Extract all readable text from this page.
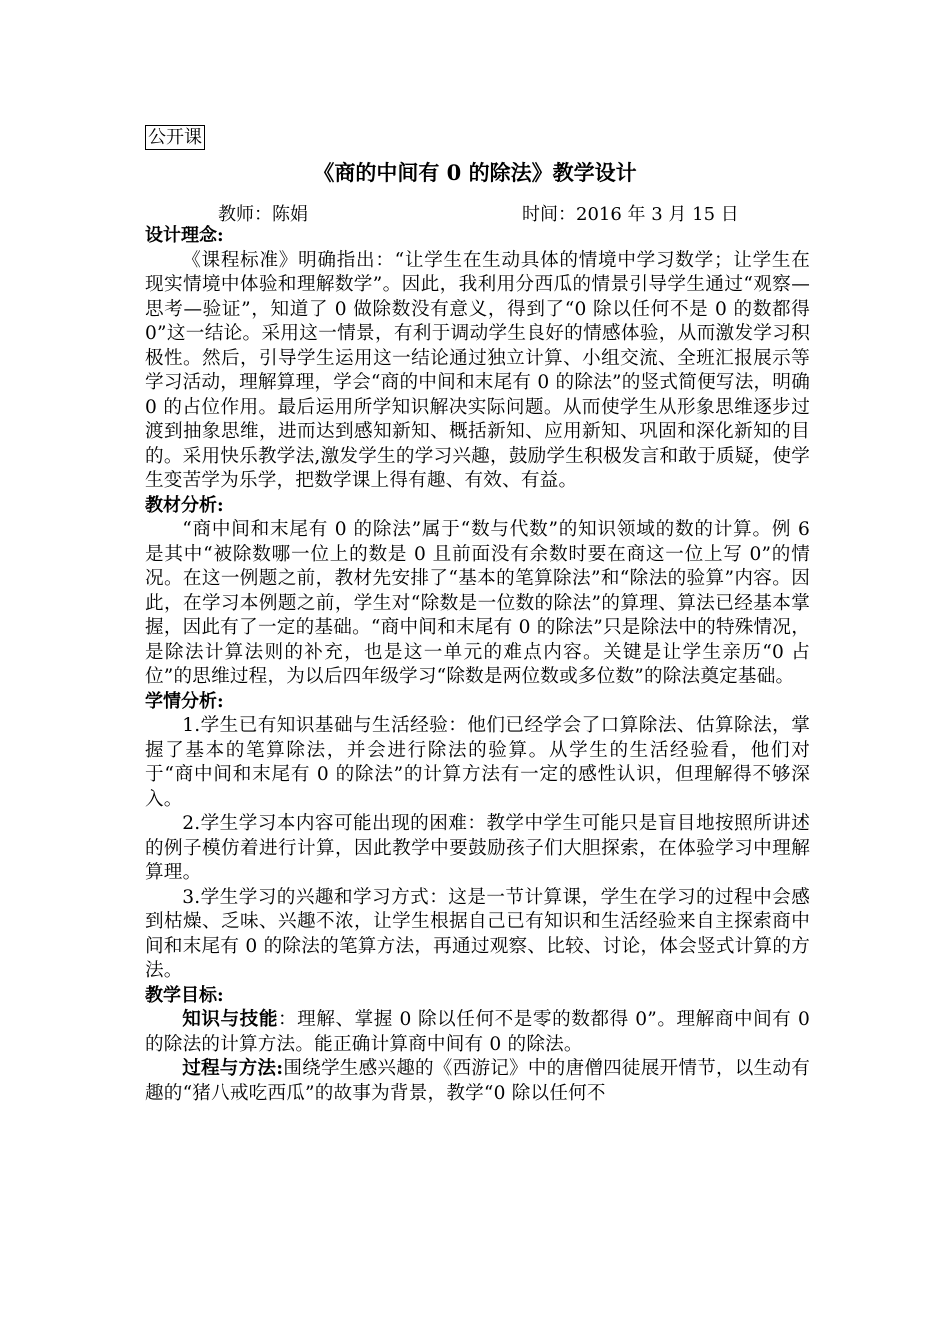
公开课
《商的中间有 0 的除法》教学设计
教师：陈娟	时间：2016 年 3 月 15 日

设计理念:

《课程标准》明确指出：“让学生在生动具体的情境中学习数学；让学生在现实情境中体验和理解数学”。因此，我利用分西瓜的情景引导学生通过“观察—思考—验证”，知道了 0 做除数没有意义，得到了“0 除以任何不是 0 的数都得 0”这一结论。采用这一情景，有利于调动学生良好的情感体验，从而激发学习积极性。然后，引导学生运用这一结论通过独立计算、小组交流、全班汇报展示等学习活动，理解算理，学会“商的中间和末尾有 0 的除法”的竖式简便写法，明确 0 的占位作用。最后运用所学知识解决实际问题。从而使学生从形象思维逐步过渡到抽象思维，进而达到感知新知、概括新知、应用新知、巩固和深化新知的目的。采用快乐教学法,激发学生的学习兴趣，鼓励学生积极发言和敢于质疑，使学生变苦学为乐学，把数学课上得有趣、有效、有益。

教材分析:

“商中间和末尾有 0 的除法”属于“数与代数”的知识领域的数的计算。例 6 是其中“被除数哪一位上的数是 0 且前面没有余数时要在商这一位上写 0”的情况。在这一例题之前，教材先安排了“基本的笔算除法”和“除法的验算”内容。因此，在学习本例题之前，学生对“除数是一位数的除法”的算理、算法已经基本掌握，因此有了一定的基础。“商中间和末尾有 0 的除法”只是除法中的特殊情况，是除法计算法则的补充，也是这一单元的难点内容。关键是让学生亲历“0 占位”的思维过程，为以后四年级学习“除数是两位数或多位数”的除法奠定基础。

学情分析:

1.学生已有知识基础与生活经验：他们已经学会了口算除法、估算除法，掌握了基本的笔算除法，并会进行除法的验算。从学生的生活经验看，他们对于“商中间和末尾有 0 的除法”的计算方法有一定的感性认识，但理解得不够深入。

2.学生学习本内容可能出现的困难：教学中学生可能只是盲目地按照所讲述的例子模仿着进行计算，因此教学中要鼓励孩子们大胆探索，在体验学习中理解算理。

3.学生学习的兴趣和学习方式：这是一节计算课，学生在学习的过程中会感到枯燥、乏味、兴趣不浓，让学生根据自己已有知识和生活经验来自主探索商中间和末尾有 0 的除法的笔算方法，再通过观察、比较、讨论，体会竖式计算的方法。

教学目标:

知识与技能：理解、掌握 0 除以任何不是零的数都得 0”。理解商中间有 0 的除法的计算方法。能正确计算商中间有 0 的除法。

过程与方法:围绕学生感兴趣的《西游记》中的唐僧四徒展开情节，以生动有趣的“猪八戒吃西瓜”的故事为背景，教学“0 除以任何不
